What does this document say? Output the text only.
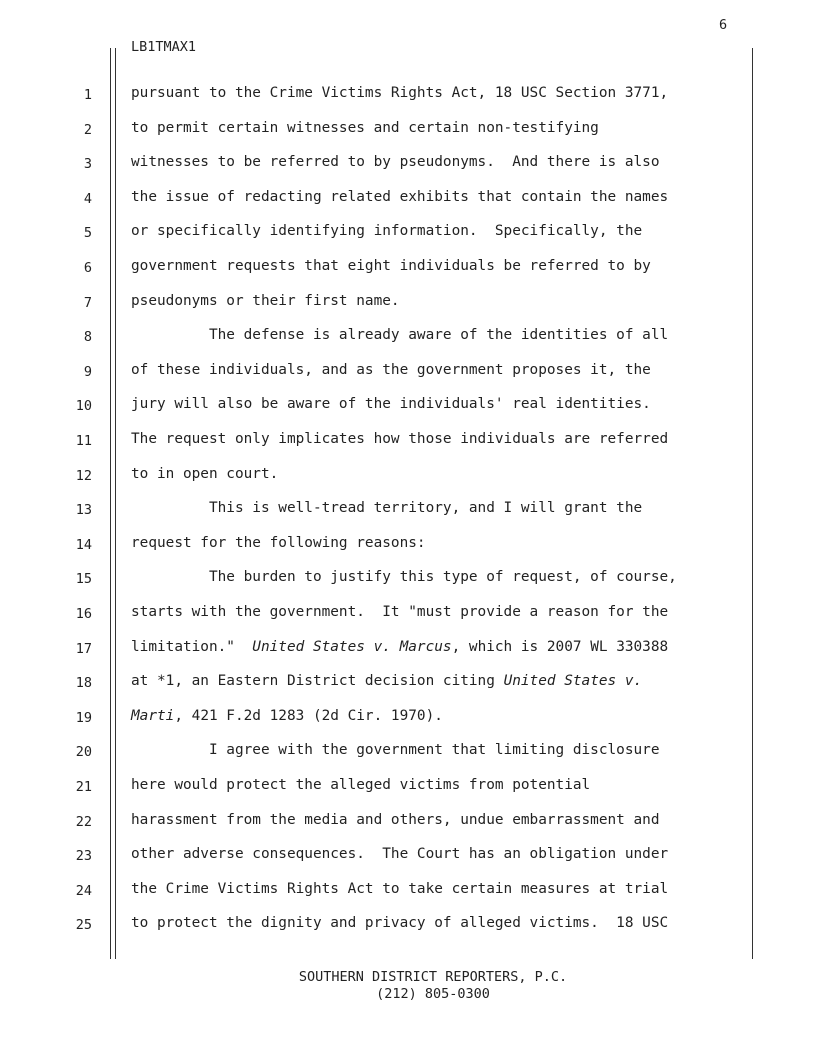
6
LB1TMAX1
1
2
3
4
5
6
7
8
9
10
11
12
13
14
15
16
17
18
19
20
21
22
23
24
25
pursuant to the Crime Victims Rights Act, 18 USC Section 3771,
to permit certain witnesses and certain non-testifying
witnesses to be referred to by pseudonyms.  And there is also
the issue of redacting related exhibits that contain the names
or specifically identifying information.  Specifically, the
government requests that eight individuals be referred to by
pseudonyms or their first name.
The defense is already aware of the identities of all
of these individuals, and as the government proposes it, the
jury will also be aware of the individuals' real identities.
The request only implicates how those individuals are referred
to in open court.
This is well-tread territory, and I will grant the
request for the following reasons:
The burden to justify this type of request, of course,
starts with the government.  It "must provide a reason for the
limitation."  United States v. Marcus, which is 2007 WL 330388
at *1, an Eastern District decision citing United States v.
Marti, 421 F.2d 1283 (2d Cir. 1970).
I agree with the government that limiting disclosure
here would protect the alleged victims from potential
harassment from the media and others, undue embarrassment and
other adverse consequences.  The Court has an obligation under
the Crime Victims Rights Act to take certain measures at trial
to protect the dignity and privacy of alleged victims.  18 USC
SOUTHERN DISTRICT REPORTERS, P.C.
(212) 805-0300
